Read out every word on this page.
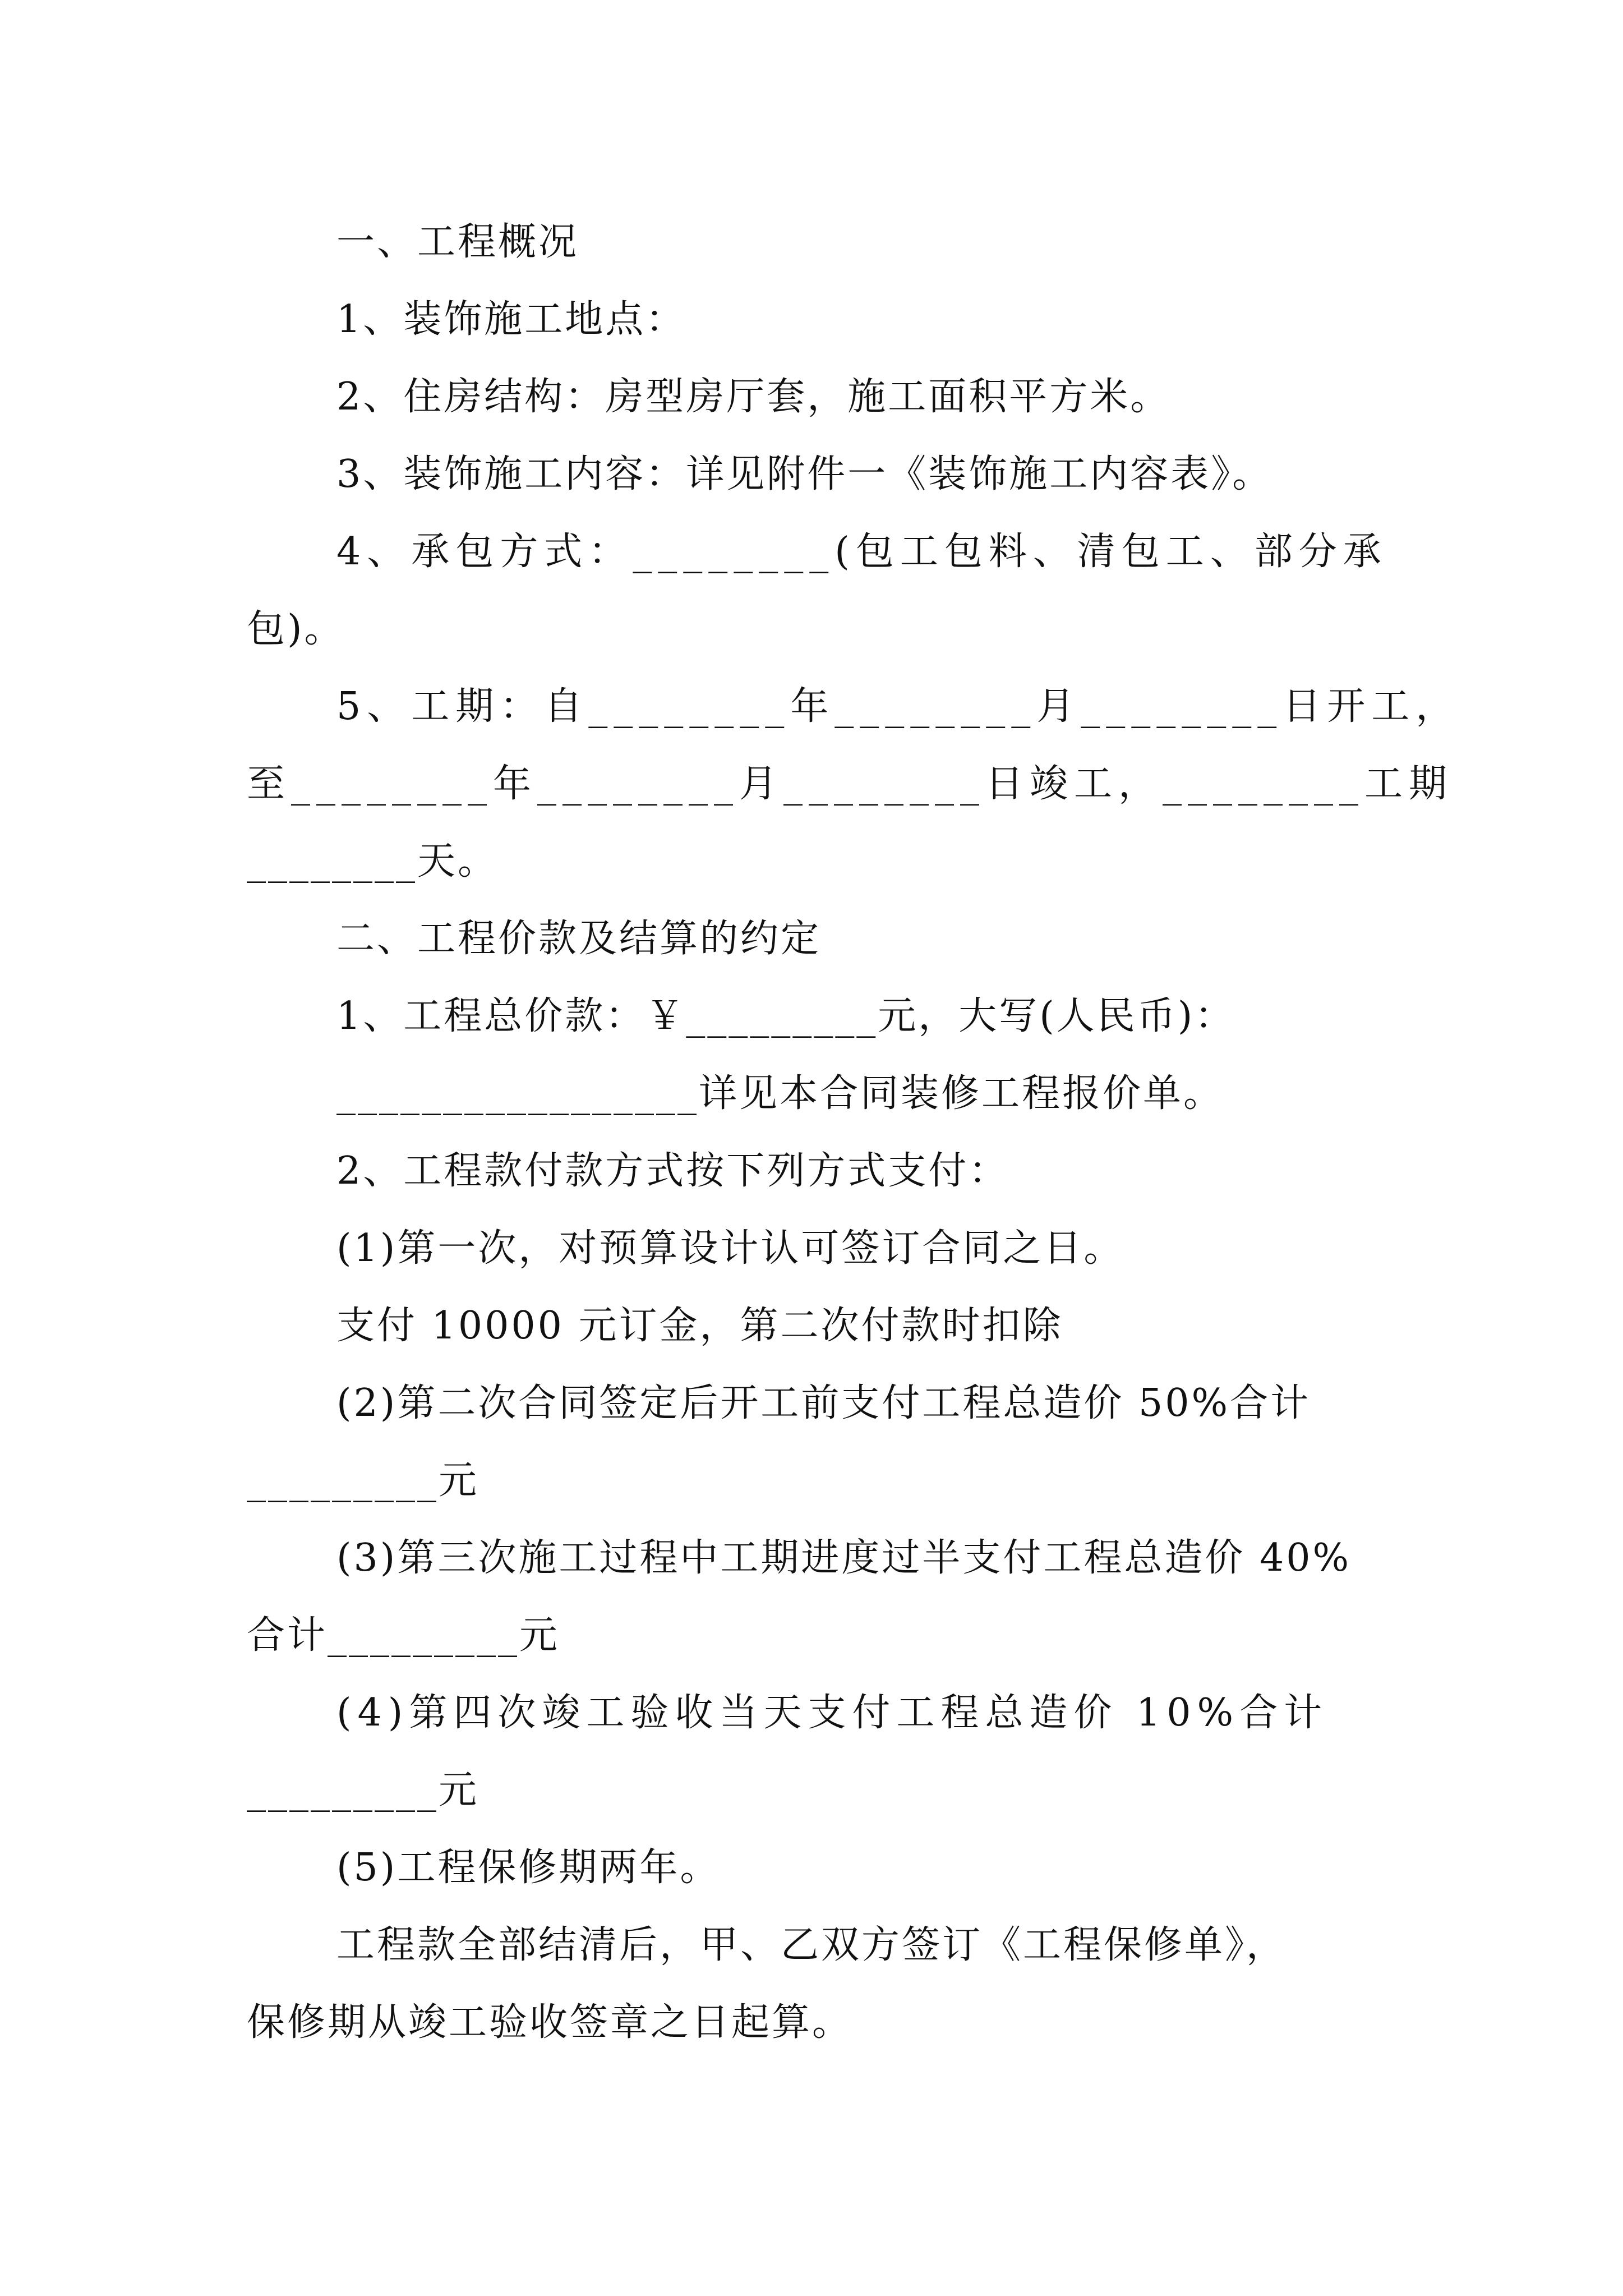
一、工程概况
1、装饰施工地点：
2、住房结构：房型房厅套，施工面积平方米。
3、装饰施工内容：详见附件一《装饰施工内容表》。
4、承包方式：________(包工包料、清包工、部分承
包)。
5、工期：自________年________月________日开工，
至________年________月________日竣工，________工期
________天。
二、工程价款及结算的约定
1、工程总价款：￥_________元，大写(人民币)：
_________________详见本合同装修工程报价单。
2、工程款付款方式按下列方式支付：
(1)第一次，对预算设计认可签订合同之日。
支付 10000 元订金，第二次付款时扣除
(2)第二次合同签定后开工前支付工程总造价 50%合计
_________元
(3)第三次施工过程中工期进度过半支付工程总造价 40%
合计_________元
(4)第四次竣工验收当天支付工程总造价 10%合计
_________元
(5)工程保修期两年。
工程款全部结清后，甲、乙双方签订《工程保修单》，
保修期从竣工验收签章之日起算。
